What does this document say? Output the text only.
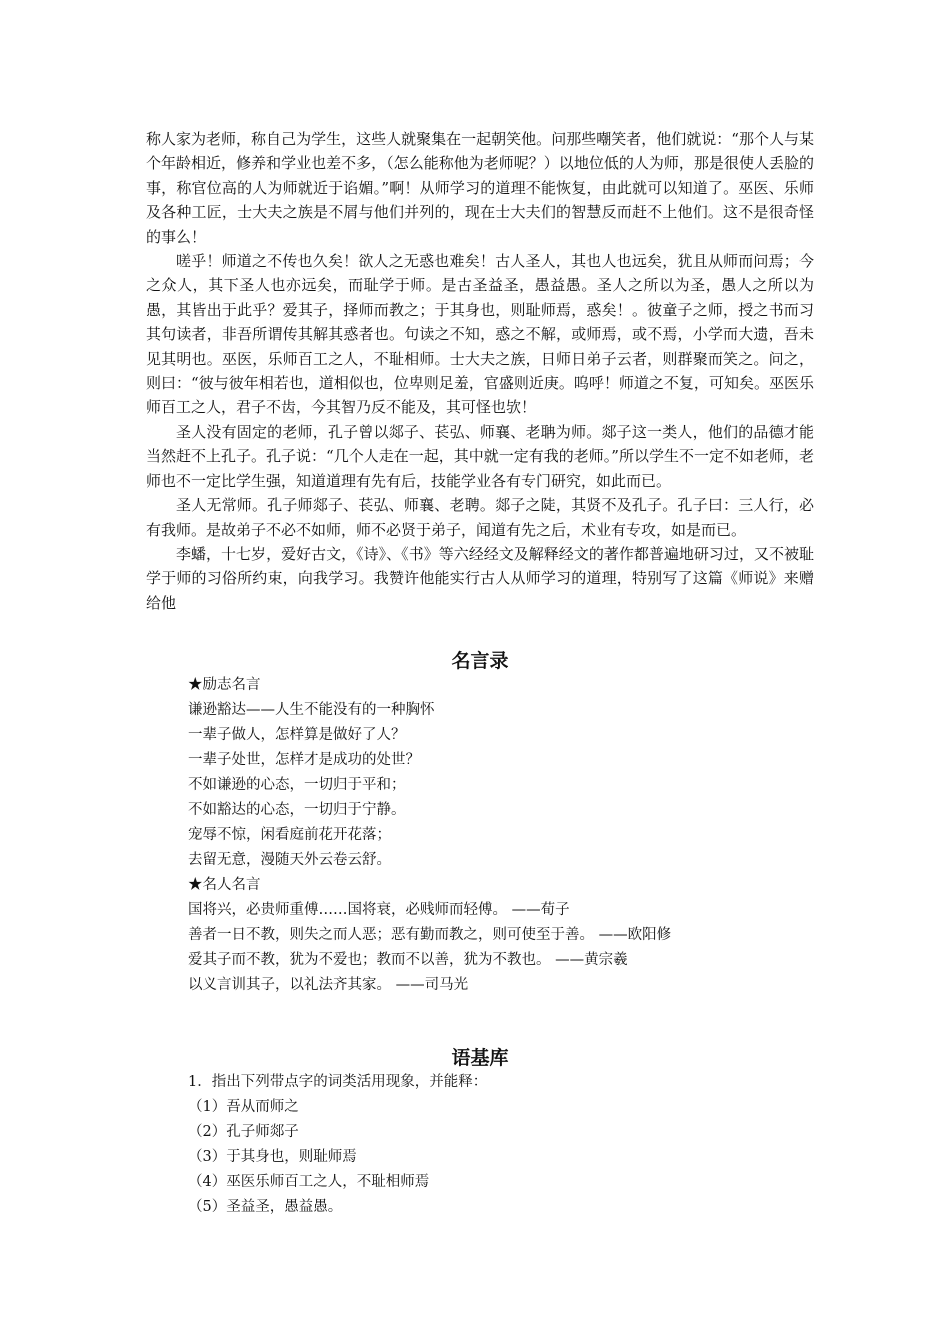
称人家为老师，称自己为学生，这些人就聚集在一起朝笑他。问那些嘲笑者，他们就说：“那个人与某个年龄相近，修养和学业也差不多，（怎么能称他为老师呢？）以地位低的人为师，那是很使人丢脸的事，称官位高的人为师就近于谄媚。”啊！从师学习的道理不能恢复，由此就可以知道了。巫医、乐师及各种工匠，士大夫之族是不屑与他们并列的，现在士大夫们的智慧反而赶不上他们。这不是很奇怪的事么！

嗟乎！师道之不传也久矣！欲人之无惑也难矣！古人圣人，其也人也远矣，犹且从师而问焉；今之众人，其下圣人也亦远矣，而耻学于师。是古圣益圣，愚益愚。圣人之所以为圣，愚人之所以为愚，其皆出于此乎？爱其子，择师而教之；于其身也，则耻师焉，惑矣！。彼童子之师，授之书而习其句读者，非吾所谓传其解其惑者也。句读之不知，惑之不解，或师焉，或不焉，小学而大遗，吾未见其明也。巫医，乐师百工之人，不耻相师。士大夫之族，日师日弟子云者，则群聚而笑之。问之，则曰：“彼与彼年相若也，道相似也，位卑则足羞，官盛则近庚。呜呼！师道之不复，可知矣。巫医乐师百工之人，君子不齿，今其智乃反不能及，其可怪也欤！

圣人没有固定的老师，孔子曾以郯子、苌弘、师襄、老聃为师。郯子这一类人，他们的品德才能当然赶不上孔子。孔子说：“几个人走在一起，其中就一定有我的老师。”所以学生不一定不如老师，老师也不一定比学生强，知道道理有先有后，技能学业各有专门研究，如此而已。

圣人无常师。孔子师郯子、苌弘、师襄、老聘。郯子之陡，其贤不及孔子。孔子曰：三人行，必有我师。是故弟子不必不如师，师不必贤于弟子，闻道有先之后，术业有专攻，如是而已。

李蟠，十七岁，爱好古文，《诗》、《书》等六经经文及解释经文的著作都普遍地研习过，又不被耻学于师的习俗所约束，向我学习。我赞许他能实行古人从师学习的道理，特别写了这篇《师说》来赠给他

名言录
★励志名言
谦逊豁达——人生不能没有的一种胸怀
一辈子做人，怎样算是做好了人？
一辈子处世，怎样才是成功的处世？
不如谦逊的心态，一切归于平和；
不如豁达的心态，一切归于宁静。
宠辱不惊，闲看庭前花开花落；
去留无意，漫随天外云卷云舒。
★名人名言
国将兴，必贵师重傅……国将衰，必贱师而轻傅。 ——荀子
善者一日不教，则失之而人恶；恶有勤而教之，则可使至于善。 ——欧阳修
爱其子而不教，犹为不爱也；教而不以善，犹为不教也。 ——黄宗羲
以义言训其子，以礼法齐其家。 ——司马光
语基库
1．指出下列带点字的词类活用现象，并能释：
（1）吾从而师之
（2）孔子师郯子
（3）于其身也，则耻师焉
（4）巫医乐师百工之人，不耻相师焉
（5）圣益圣，愚益愚。
